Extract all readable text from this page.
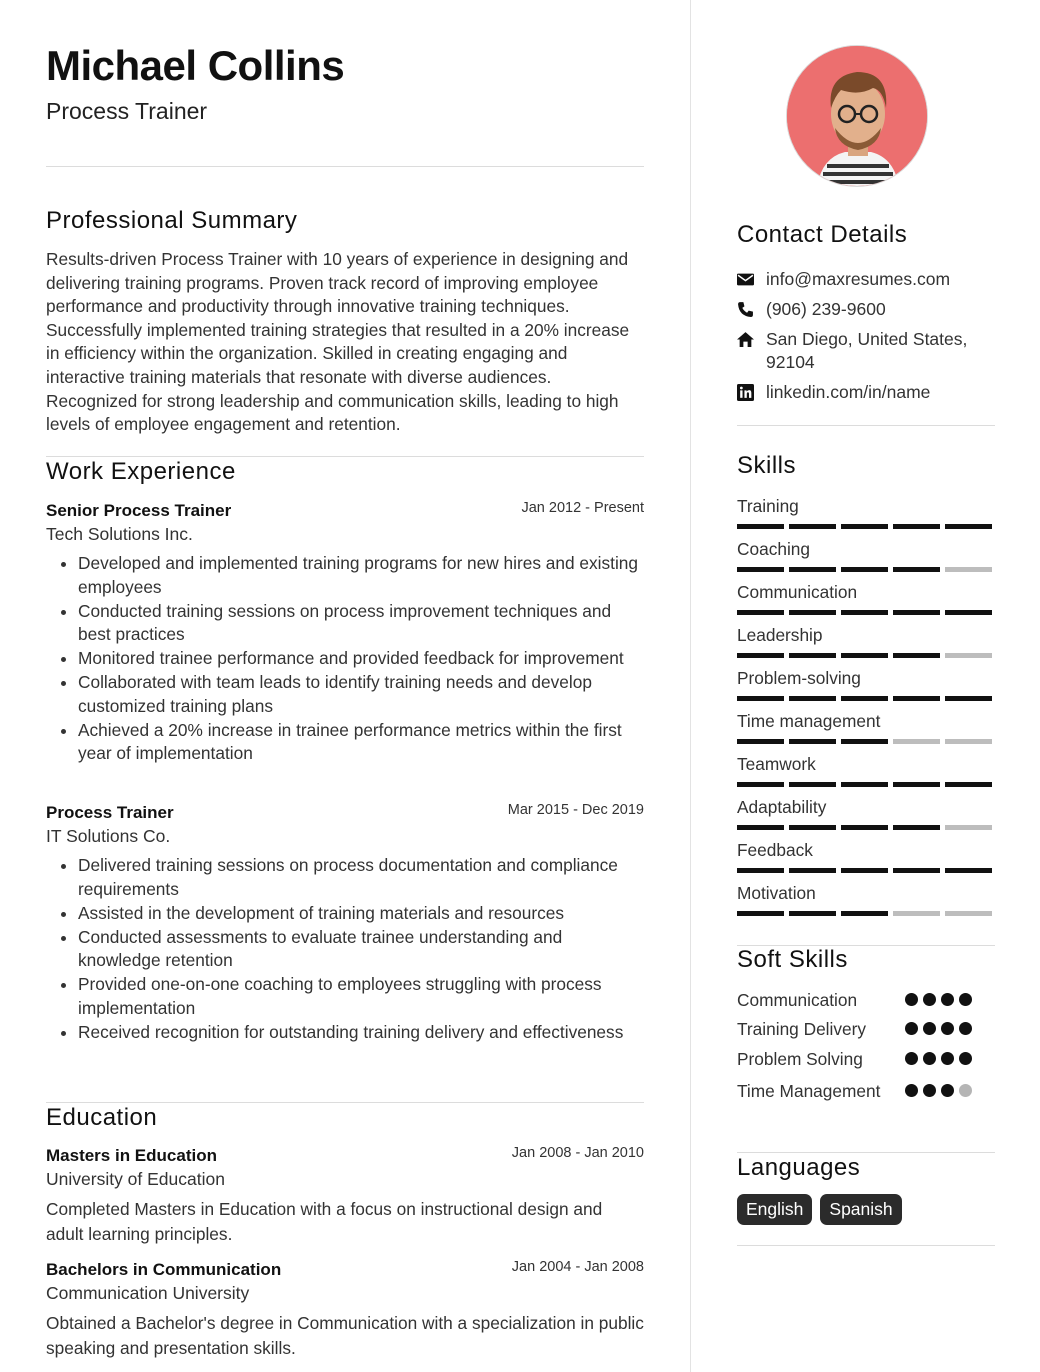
Michael Collins
Process Trainer
Professional Summary
Results-driven Process Trainer with 10 years of experience in designing and delivering training programs. Proven track record of improving employee performance and productivity through innovative training techniques. Successfully implemented training strategies that resulted in a 20% increase in efficiency within the organization. Skilled in creating engaging and interactive training materials that resonate with diverse audiences. Recognized for strong leadership and communication skills, leading to high levels of employee engagement and retention.
Work Experience
Senior Process Trainer	Jan 2012 - Present
Tech Solutions Inc.
• Developed and implemented training programs for new hires and existing employees
• Conducted training sessions on process improvement techniques and best practices
• Monitored trainee performance and provided feedback for improvement
• Collaborated with team leads to identify training needs and develop customized training plans
• Achieved a 20% increase in trainee performance metrics within the first year of implementation
Process Trainer	Mar 2015 - Dec 2019
IT Solutions Co.
• Delivered training sessions on process documentation and compliance requirements
• Assisted in the development of training materials and resources
• Conducted assessments to evaluate trainee understanding and knowledge retention
• Provided one-on-one coaching to employees struggling with process implementation
• Received recognition for outstanding training delivery and effectiveness
Education
Masters in Education	Jan 2008 - Jan 2010
University of Education
Completed Masters in Education with a focus on instructional design and adult learning principles.
Bachelors in Communication	Jan 2004 - Jan 2008
Communication University
Obtained a Bachelor's degree in Communication with a specialization in public speaking and presentation skills.
Contact Details
info@maxresumes.com
(906) 239-9600
San Diego, United States, 92104
linkedin.com/in/name
Skills
Training
Coaching
Communication
Leadership
Problem-solving
Time management
Teamwork
Adaptability
Feedback
Motivation
Soft Skills
Communication
Training Delivery
Problem Solving
Time Management
Languages
English	Spanish
